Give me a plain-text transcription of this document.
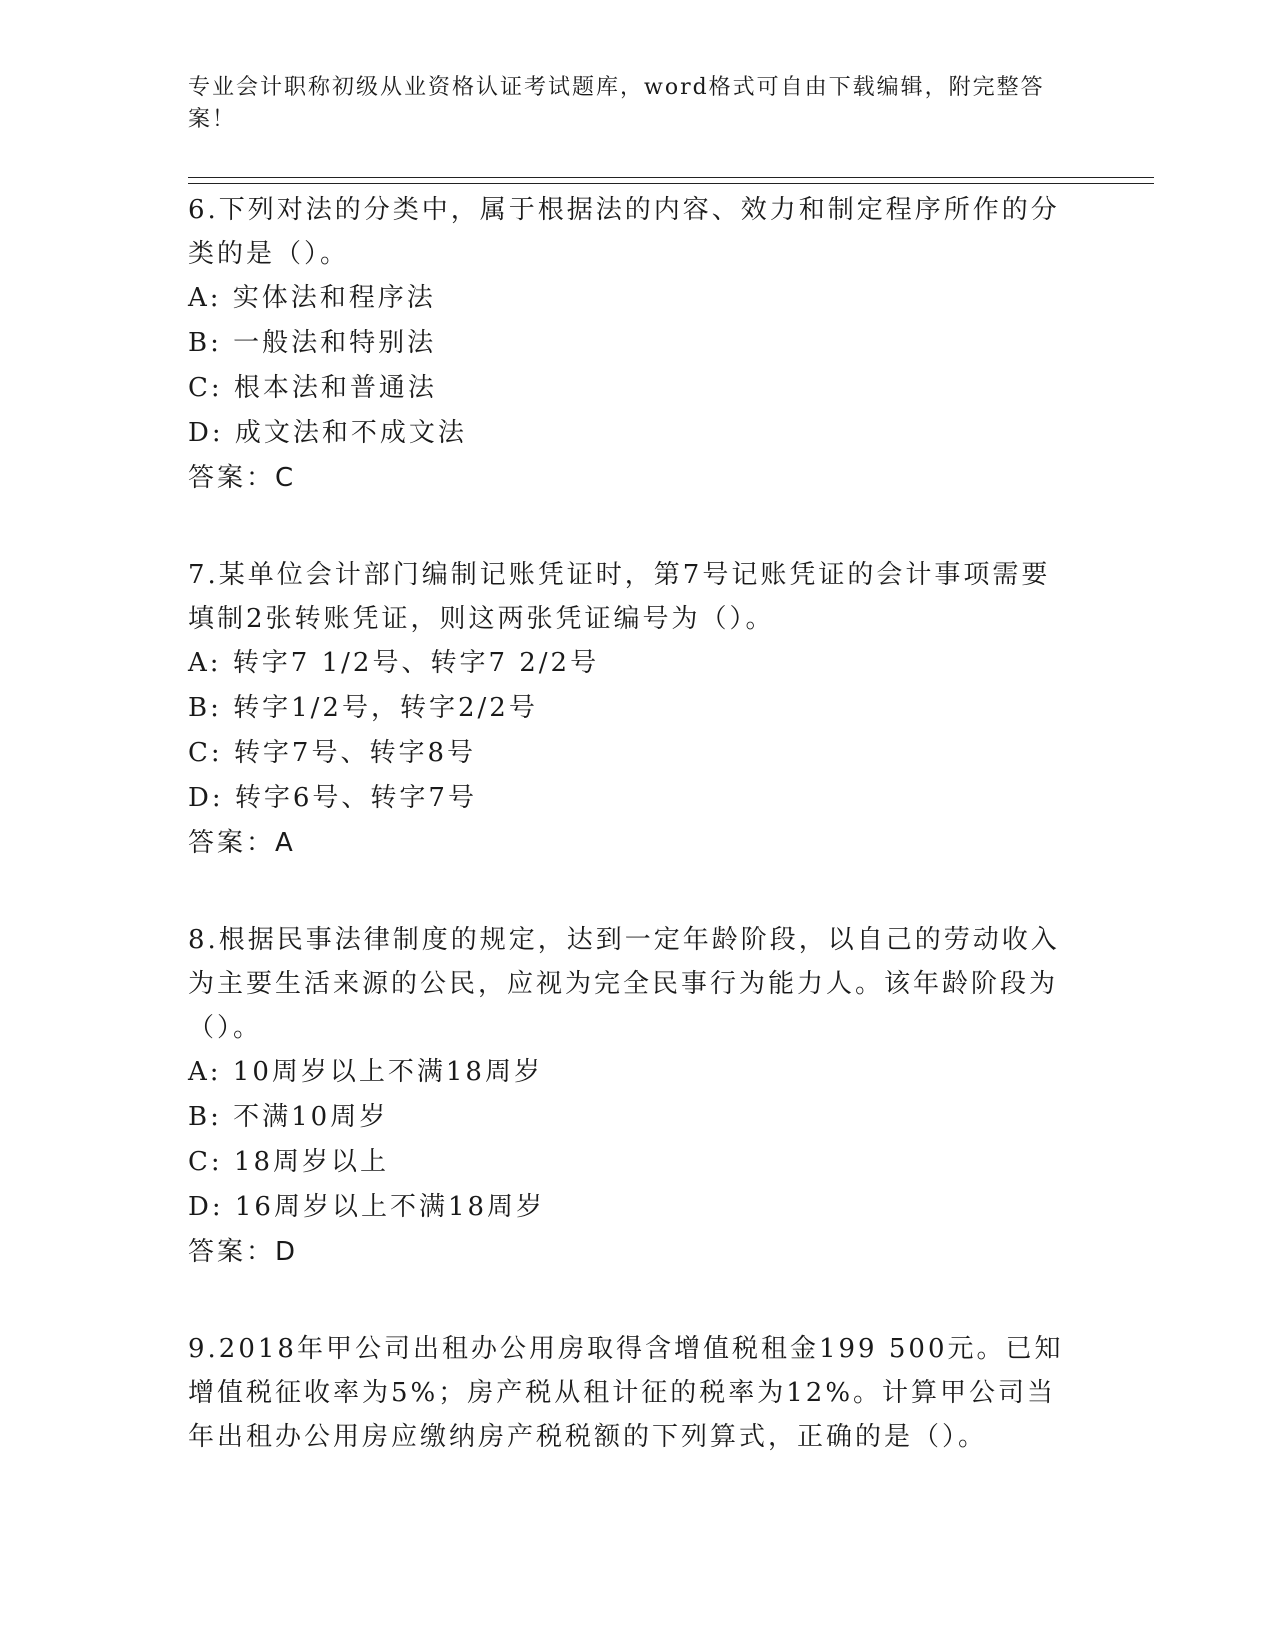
专业会计职称初级从业资格认证考试题库，word格式可自由下载编辑，附完整答案！

6.下列对法的分类中，属于根据法的内容、效力和制定程序所作的分类的是（）。

A: 实体法和程序法

B: 一般法和特别法

C: 根本法和普通法

D: 成文法和不成文法

答案：C

7.某单位会计部门编制记账凭证时，第7号记账凭证的会计事项需要填制2张转账凭证，则这两张凭证编号为（）。

A: 转字7 1/2号、转字7 2/2号

B: 转字1/2号，转字2/2号

C: 转字7号、转字8号

D: 转字6号、转字7号

答案：A

8.根据民事法律制度的规定，达到一定年龄阶段，以自己的劳动收入为主要生活来源的公民，应视为完全民事行为能力人。该年龄阶段为（）。

A: 10周岁以上不满18周岁

B: 不满10周岁

C: 18周岁以上

D: 16周岁以上不满18周岁

答案：D

9.2018年甲公司出租办公用房取得含增值税租金199 500元。已知增值税征收率为5%；房产税从租计征的税率为12%。计算甲公司当年出租办公用房应缴纳房产税税额的下列算式，正确的是（）。
